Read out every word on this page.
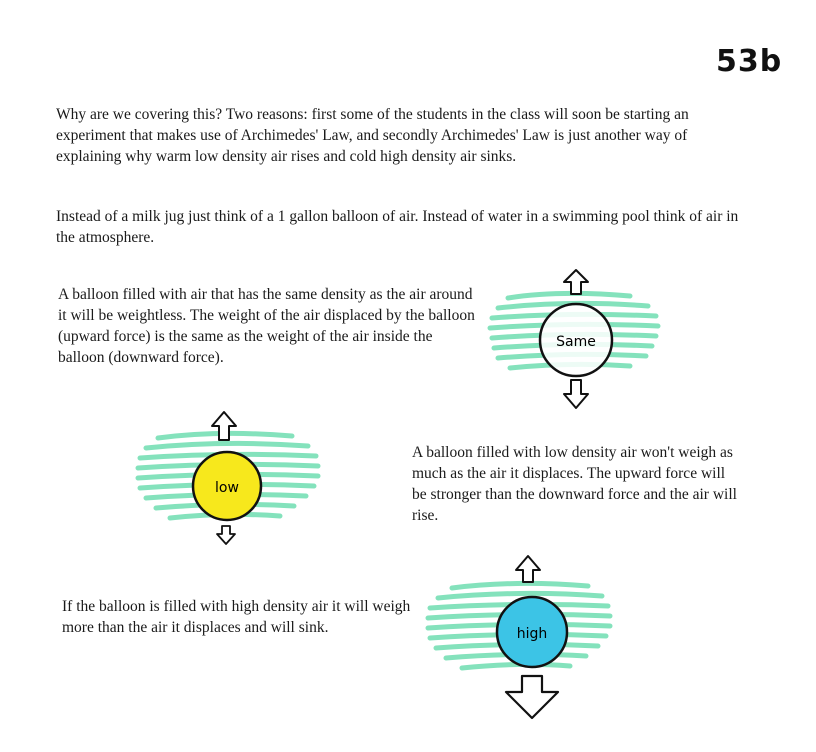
53b

Why are we covering this? Two reasons: first some of the students in the class will soon be starting an experiment that makes use of Archimedes' Law, and secondly Archimedes' Law is just another way of explaining why warm low density air rises and cold high density air sinks.

Instead of a milk jug just think of a 1 gallon balloon of air. Instead of water in a swimming pool think of air in the atmosphere.

A balloon filled with air that has the same density as the air around it will be weightless. The weight of the air displaced by the balloon (upward force) is the same as the weight of the air inside the balloon (downward force).

A balloon filled with low density air won't weigh as much as the air it displaces. The upward force will be stronger than the downward force and the air will rise.

If the balloon is filled with high density air it will weigh more than the air it displaces and will sink.

Same
low
high
